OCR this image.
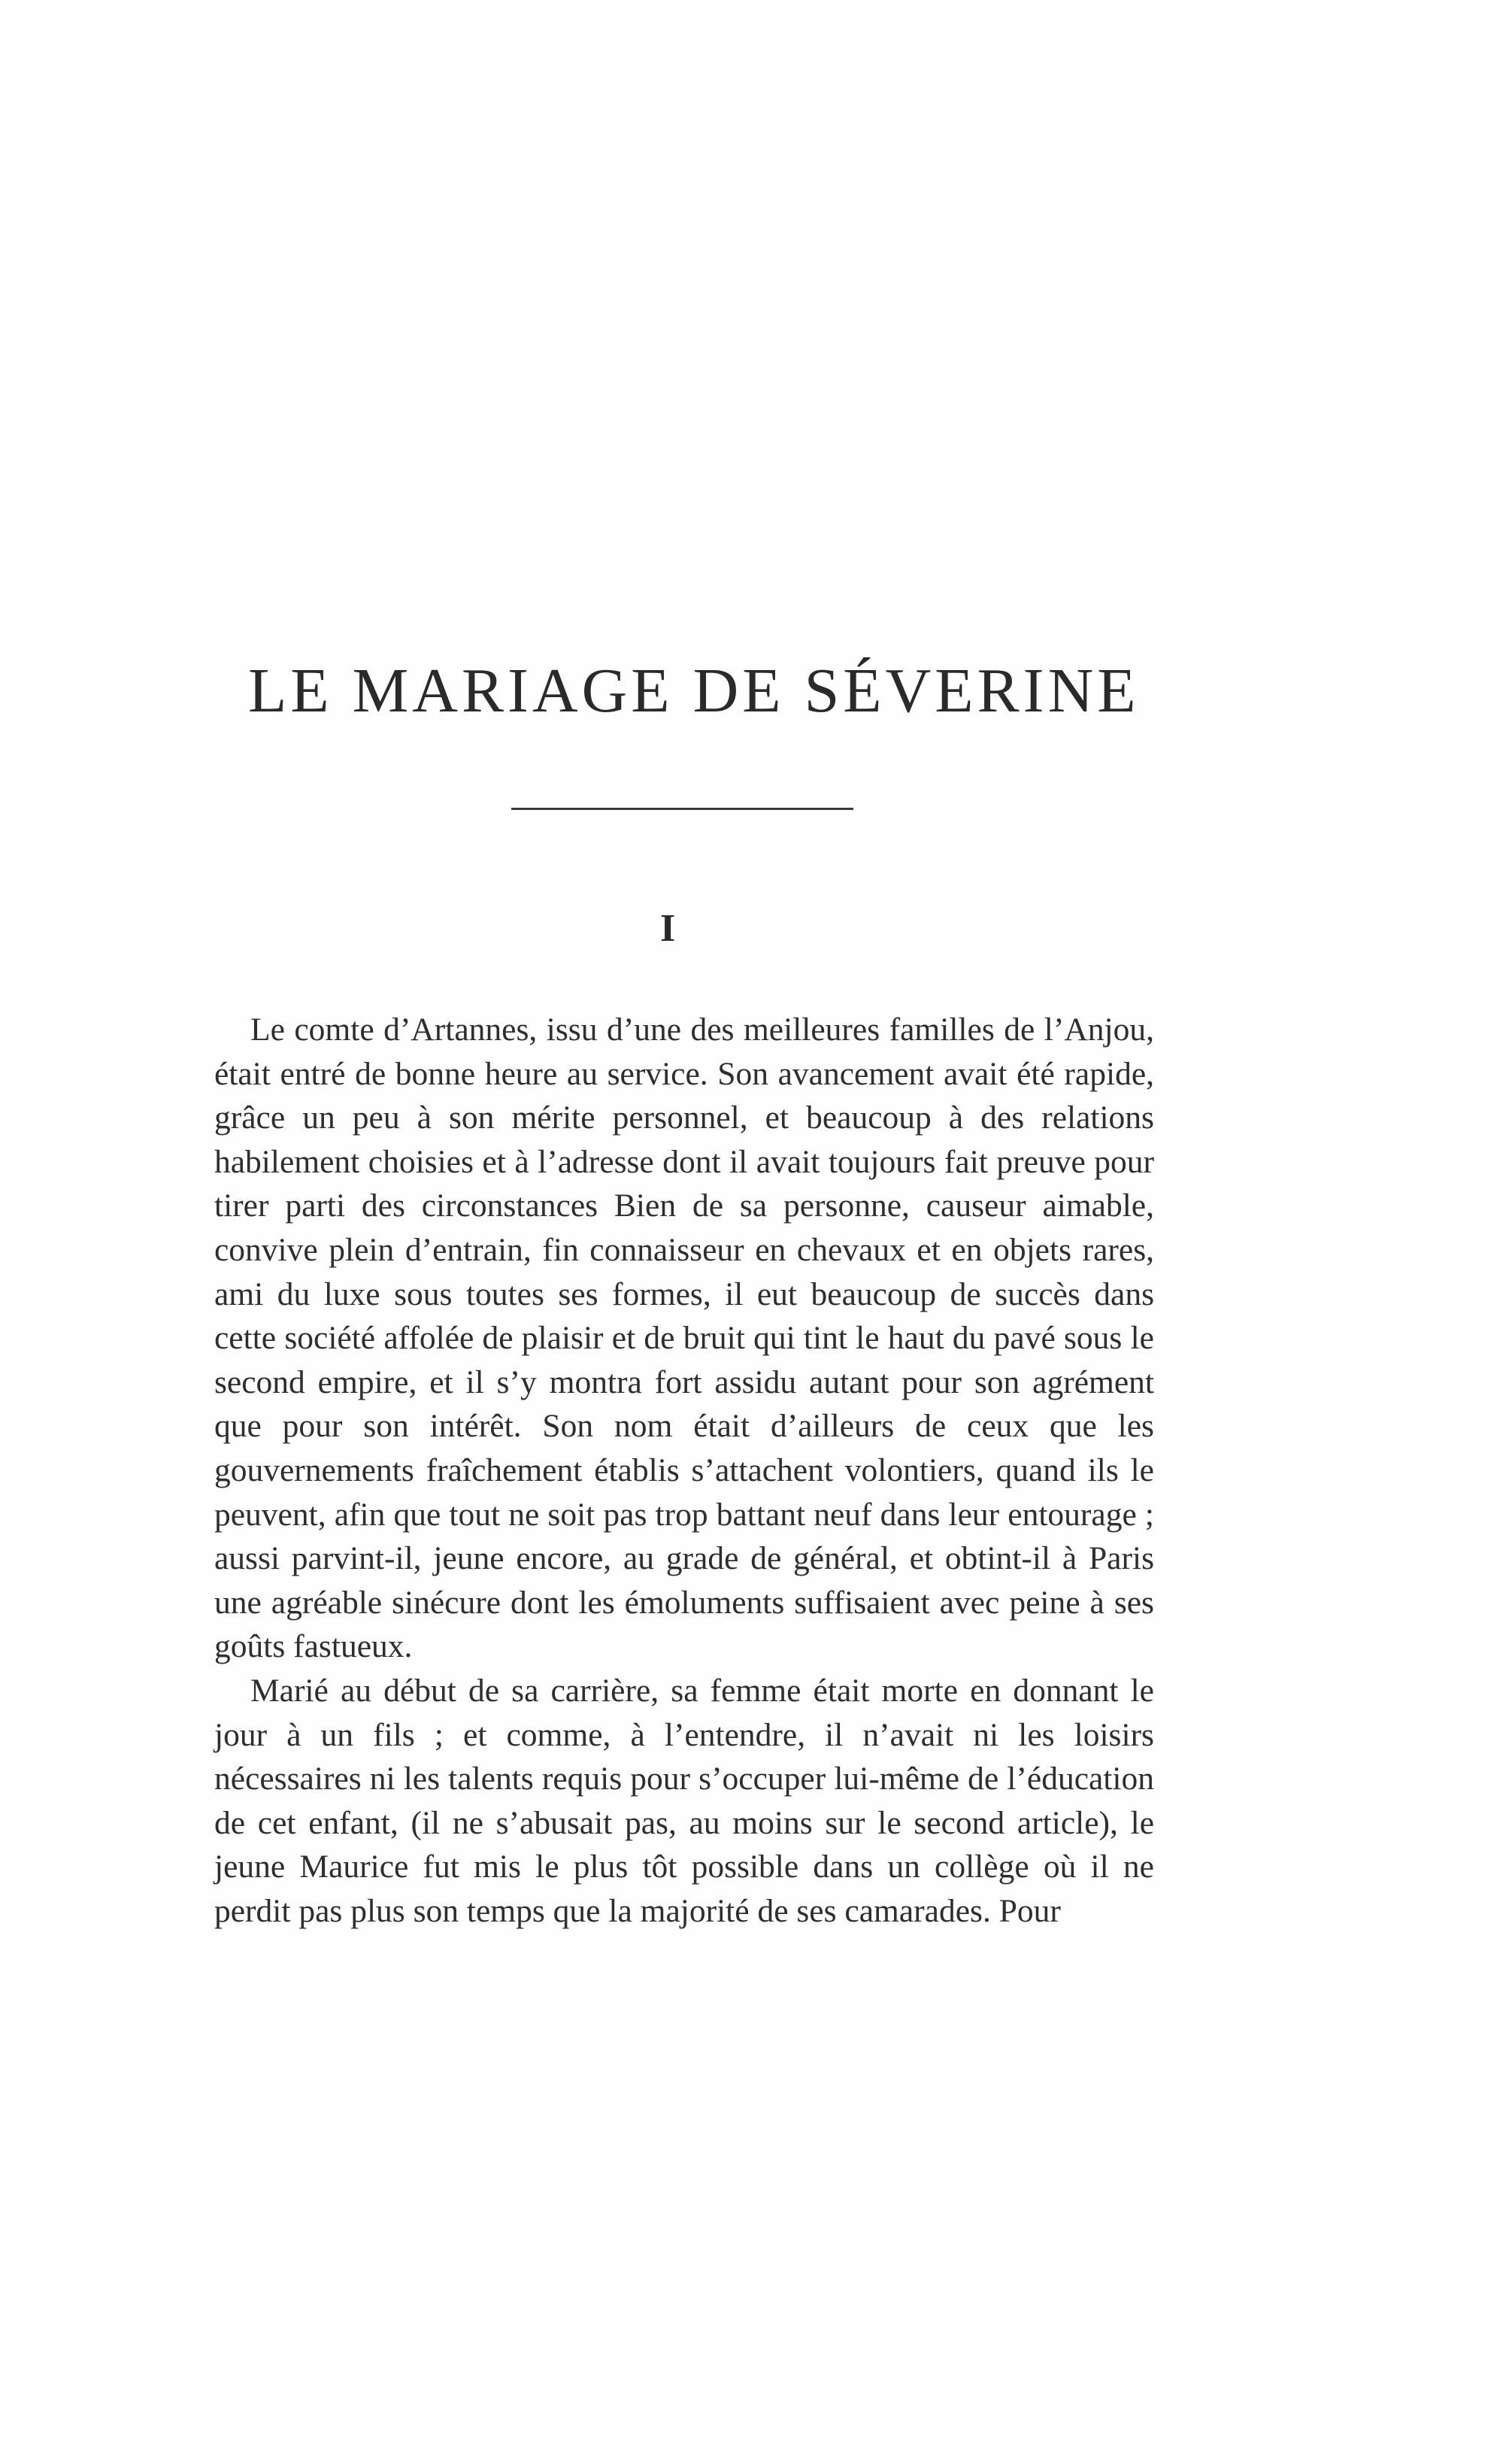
LE MARIAGE DE SÉVERINE
I

Le comte d’Artannes, issu d’une des meilleures familles de l’Anjou, était entré de bonne heure au service. Son avancement avait été rapide, grâce un peu à son mérite personnel, et beaucoup à des relations habilement choisies et à l’adresse dont il avait toujours fait preuve pour tirer parti des circonstances Bien de sa personne, causeur aimable, convive plein d’entrain, fin connaisseur en chevaux et en objets rares, ami du luxe sous toutes ses formes, il eut beaucoup de succès dans cette société affolée de plaisir et de bruit qui tint le haut du pavé sous le second empire, et il s’y montra fort assidu autant pour son agrément que pour son intérêt. Son nom était d’ailleurs de ceux que les gouvernements fraîchement établis s’attachent volontiers, quand ils le peuvent, afin que tout ne soit pas trop battant neuf dans leur entourage ; aussi parvint-il, jeune encore, au grade de général, et obtint-il à Paris une agréable sinécure dont les émoluments suffisaient avec peine à ses goûts fastueux.

Marié au début de sa carrière, sa femme était morte en donnant le jour à un fils ; et comme, à l’entendre, il n’avait ni les loisirs nécessaires ni les talents requis pour s’occuper lui-même de l’éducation de cet enfant, (il ne s’abusait pas, au moins sur le second article), le jeune Maurice fut mis le plus tôt possible dans un collège où il ne perdit pas plus son temps que la majorité de ses camarades. Pour
